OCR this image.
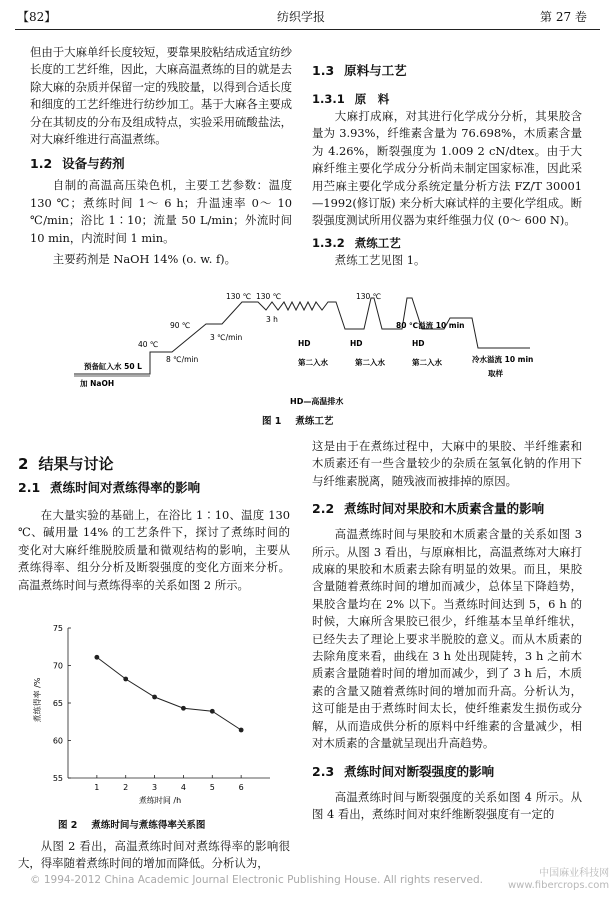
【82】	纺织学报	第 27 卷

但由于大麻单纤长度较短，要靠果胶粘结成适宜纺纱长度的工艺纤维，因此，大麻高温煮练的目的就是去除大麻的杂质并保留一定的残胶量，以得到合适长度和细度的工艺纤维进行纺纱加工。基于大麻各主要成分在其韧皮的分布及组成特点，实验采用硫酸盐法，对大麻纤维进行高温煮练。

1.2 设备与药剂

自制的高温高压染色机，主要工艺参数：温度 130 ℃；煮练时间 1～ 6 h；升温速率 0～ 10 ℃/min；浴比 1∶10；流量 50 L/min；外流时间 10 min，内流时间 1 min。

主要药剂是 NaOH 14% (o. w. f)。

1.3 原料与工艺
1.3.1 原　料

大麻打成麻，对其进行化学成分分析，其果胶含量为 3.93%，纤维素含量为 76.698%，木质素含量为 4.26%，断裂强度为 1.009 2 cN/dtex。由于大麻纤维主要化学成分分析尚未制定国家标准，因此采用苎麻主要化学成分系统定量分析方法 FZ/T 30001—1992(修订版) 来分析大麻试样的主要化学组成。断裂强度测试所用仪器为束纤维强力仪 (0～ 600 N)。

1.3.2 煮练工艺

煮练工艺见图 1。

130 ℃ 130 ℃	130 ℃
90 ℃
40 ℃
3 ℃/min
8 ℃/min
3 h
预备缸入水 50 L
加 NaOH
HD	HD	HD
第二入水	第二入水	第二入水
80 ℃溢流 10 min
冷水溢流 10 min
取样
HD—高温排水
图 1 煮练工艺
2 结果与讨论
2.1 煮练时间对煮练得率的影响

在大量实验的基础上，在浴比 1∶10、温度 130 ℃、碱用量 14% 的工艺条件下，探讨了煮练时间的变化对大麻纤维脱胶质量和微观结构的影响，主要从煮练得率、组分分析及断裂强度的变化方面来分析。高温煮练时间与煮练得率的关系如图 2 所示。

55
60
65
70
75
1	2	3	4	5	6
煮练时间 /h
煮练得率 /%
图 2 煮练时间与煮练得率关系图

从图 2 看出，高温煮练时间对煮练得率的影响很大，得率随着煮练时间的增加而降低。分析认为，

这是由于在煮练过程中，大麻中的果胶、半纤维素和木质素还有一些含量较少的杂质在氢氧化钠的作用下与纤维素脱离，随残液而被排掉的原因。

2.2 煮练时间对果胶和木质素含量的影响

高温煮练时间与果胶和木质素含量的关系如图 3 所示。从图 3 看出，与原麻相比，高温煮练对大麻打成麻的果胶和木质素去除有明显的效果。而且，果胶含量随着煮练时间的增加而减少，总体呈下降趋势，果胶含量均在 2% 以下。当煮练时间达到 5，6 h 的时候，大麻所含果胶已很少，纤维基本呈单纤维状，已经失去了理论上要求半脱胶的意义。而从木质素的去除角度来看，曲线在 3 h 处出现陡转，3 h 之前木质素含量随着时间的增加而减少，到了 3 h 后，木质素的含量又随着煮练时间的增加而升高。分析认为，这可能是由于煮练时间太长，使纤维素发生损伤或分解，从而造成供分析的原料中纤维素的含量减少，相对木质素的含量就呈现出升高趋势。

2.3 煮练时间对断裂强度的影响

高温煮练时间与断裂强度的关系如图 4 所示。从图 4 看出，煮练时间对束纤维断裂强度有一定的

© 1994-2012 China Academic Journal Electronic Publishing House. All rights reserved.
中国麻业科技网
www.fibercrops.com
